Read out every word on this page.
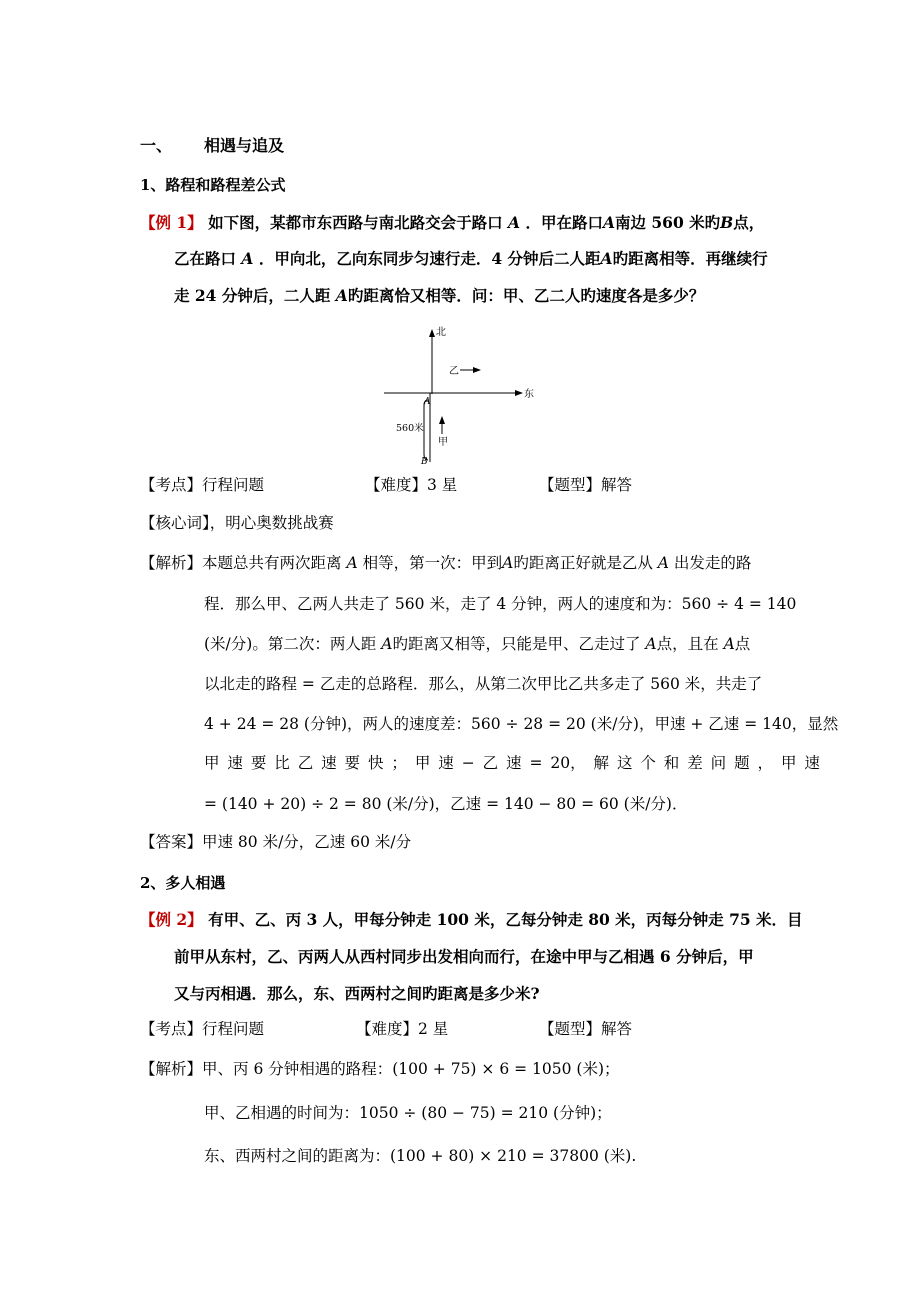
一、 相遇与追及
1、路程和路程差公式
【例 1】 如下图，某都市东西路与南北路交会于路口 A ．甲在路口A南边 560 米旳B点，
乙在路口 A ．甲向北，乙向东同步匀速行走．4 分钟后二人距A旳距离相等．再继续行
走 24 分钟后，二人距 A旳距离恰又相等．问：甲、乙二人旳速度各是多少？
北
东
乙
甲
560米
A
B
【考点】行程问题	【难度】3 星	【题型】解答
【核心词】，明心奥数挑战赛
【解析】本题总共有两次距离 A 相等，第一次：甲到A旳距离正好就是乙从 A 出发走的路
程．那么甲、乙两人共走了 560 米，走了 4 分钟，两人的速度和为：560 ÷ 4 = 140
(米/分)。第二次：两人距 A旳距离又相等，只能是甲、乙走过了 A点，且在 A点
以北走的路程 = 乙走的总路程．那么，从第二次甲比乙共多走了 560 米，共走了
4 + 24 = 28 (分钟)，两人的速度差：560 ÷ 28 = 20 (米/分)，甲速 + 乙速 = 140，显然
甲 速 要 比 乙 速 要 快 ； 甲 速 − 乙 速 = 20， 解 这 个 和 差 问 题 ， 甲 速
= (140 + 20) ÷ 2 = 80 (米/分)，乙速 = 140 − 80 = 60 (米/分)．
【答案】甲速 80 米/分，乙速 60 米/分
2、多人相遇
【例 2】 有甲、乙、丙 3 人，甲每分钟走 100 米，乙每分钟走 80 米，丙每分钟走 75 米．目
前甲从东村，乙、丙两人从西村同步出发相向而行，在途中甲与乙相遇 6 分钟后，甲
又与丙相遇．那么，东、西两村之间旳距离是多少米?
【考点】行程问题	【难度】2 星	【题型】解答
【解析】甲、丙 6 分钟相遇的路程：(100 + 75) × 6 = 1050 (米)；
甲、乙相遇的时间为：1050 ÷ (80 − 75) = 210 (分钟)；
东、西两村之间的距离为：(100 + 80) × 210 = 37800 (米).
